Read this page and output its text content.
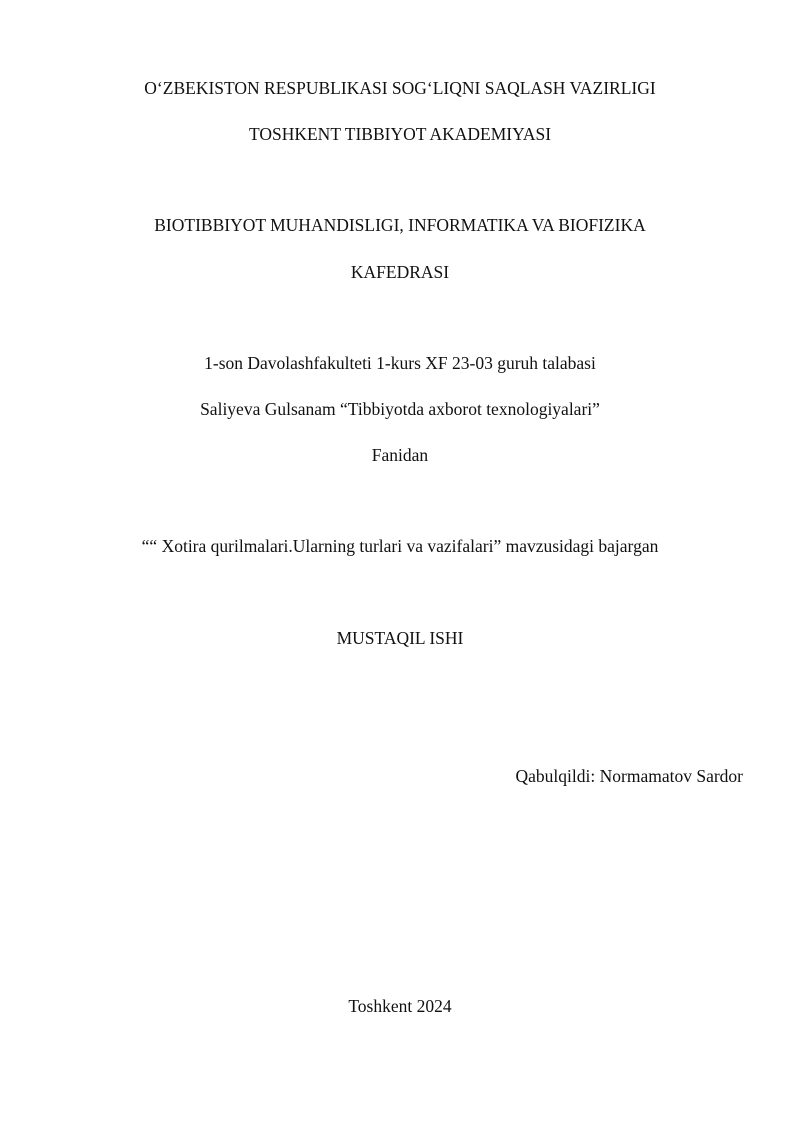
O‘ZBEKISTON RESPUBLIKASI SOG‘LIQNI SAQLASH VAZIRLIGI
TOSHKENT TIBBIYOT AKADEMIYASI
BIOTIBBIYOT MUHANDISLIGI, INFORMATIKA VA BIOFIZIKA
KAFEDRASI
1-son Davolashfakulteti 1-kurs XF 23-03 guruh talabasi
Saliyeva Gulsanam “Tibbiyotda axborot texnologiyalari”
Fanidan
““ Xotira qurilmalari.Ularning turlari va vazifalari” mavzusidagi bajargan
MUSTAQIL ISHI
Qabulqildi: Normamatov Sardor
Toshkent 2024
